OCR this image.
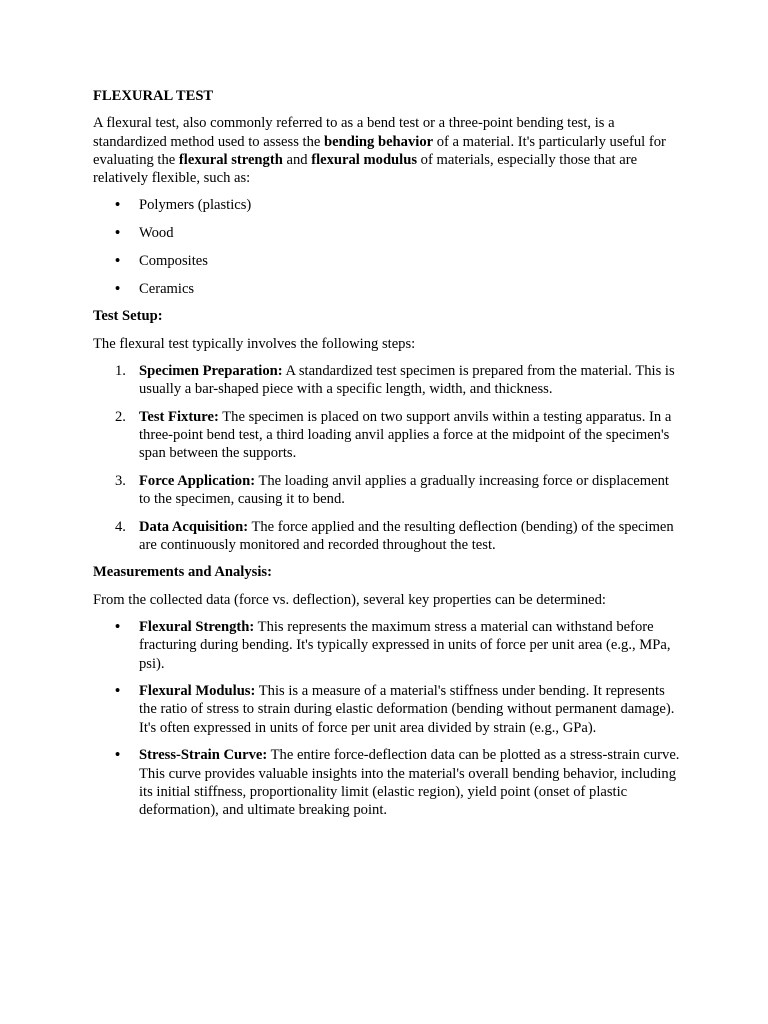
FLEXURAL TEST

A flexural test, also commonly referred to as a bend test or a three-point bending test, is a standardized method used to assess the bending behavior of a material. It's particularly useful for evaluating the flexural strength and flexural modulus of materials, especially those that are relatively flexible, such as:

• Polymers (plastics)
• Wood
• Composites
• Ceramics
Test Setup:

The flexural test typically involves the following steps:

1. Specimen Preparation: A standardized test specimen is prepared from the material. This is usually a bar-shaped piece with a specific length, width, and thickness.
2. Test Fixture: The specimen is placed on two support anvils within a testing apparatus. In a three-point bend test, a third loading anvil applies a force at the midpoint of the specimen's span between the supports.
3. Force Application: The loading anvil applies a gradually increasing force or displacement to the specimen, causing it to bend.
4. Data Acquisition: The force applied and the resulting deflection (bending) of the specimen are continuously monitored and recorded throughout the test.
Measurements and Analysis:

From the collected data (force vs. deflection), several key properties can be determined:

• Flexural Strength: This represents the maximum stress a material can withstand before fracturing during bending. It's typically expressed in units of force per unit area (e.g., MPa, psi).
• Flexural Modulus: This is a measure of a material's stiffness under bending. It represents the ratio of stress to strain during elastic deformation (bending without permanent damage). It's often expressed in units of force per unit area divided by strain (e.g., GPa).
• Stress-Strain Curve: The entire force-deflection data can be plotted as a stress-strain curve. This curve provides valuable insights into the material's overall bending behavior, including its initial stiffness, proportionality limit (elastic region), yield point (onset of plastic deformation), and ultimate breaking point.
